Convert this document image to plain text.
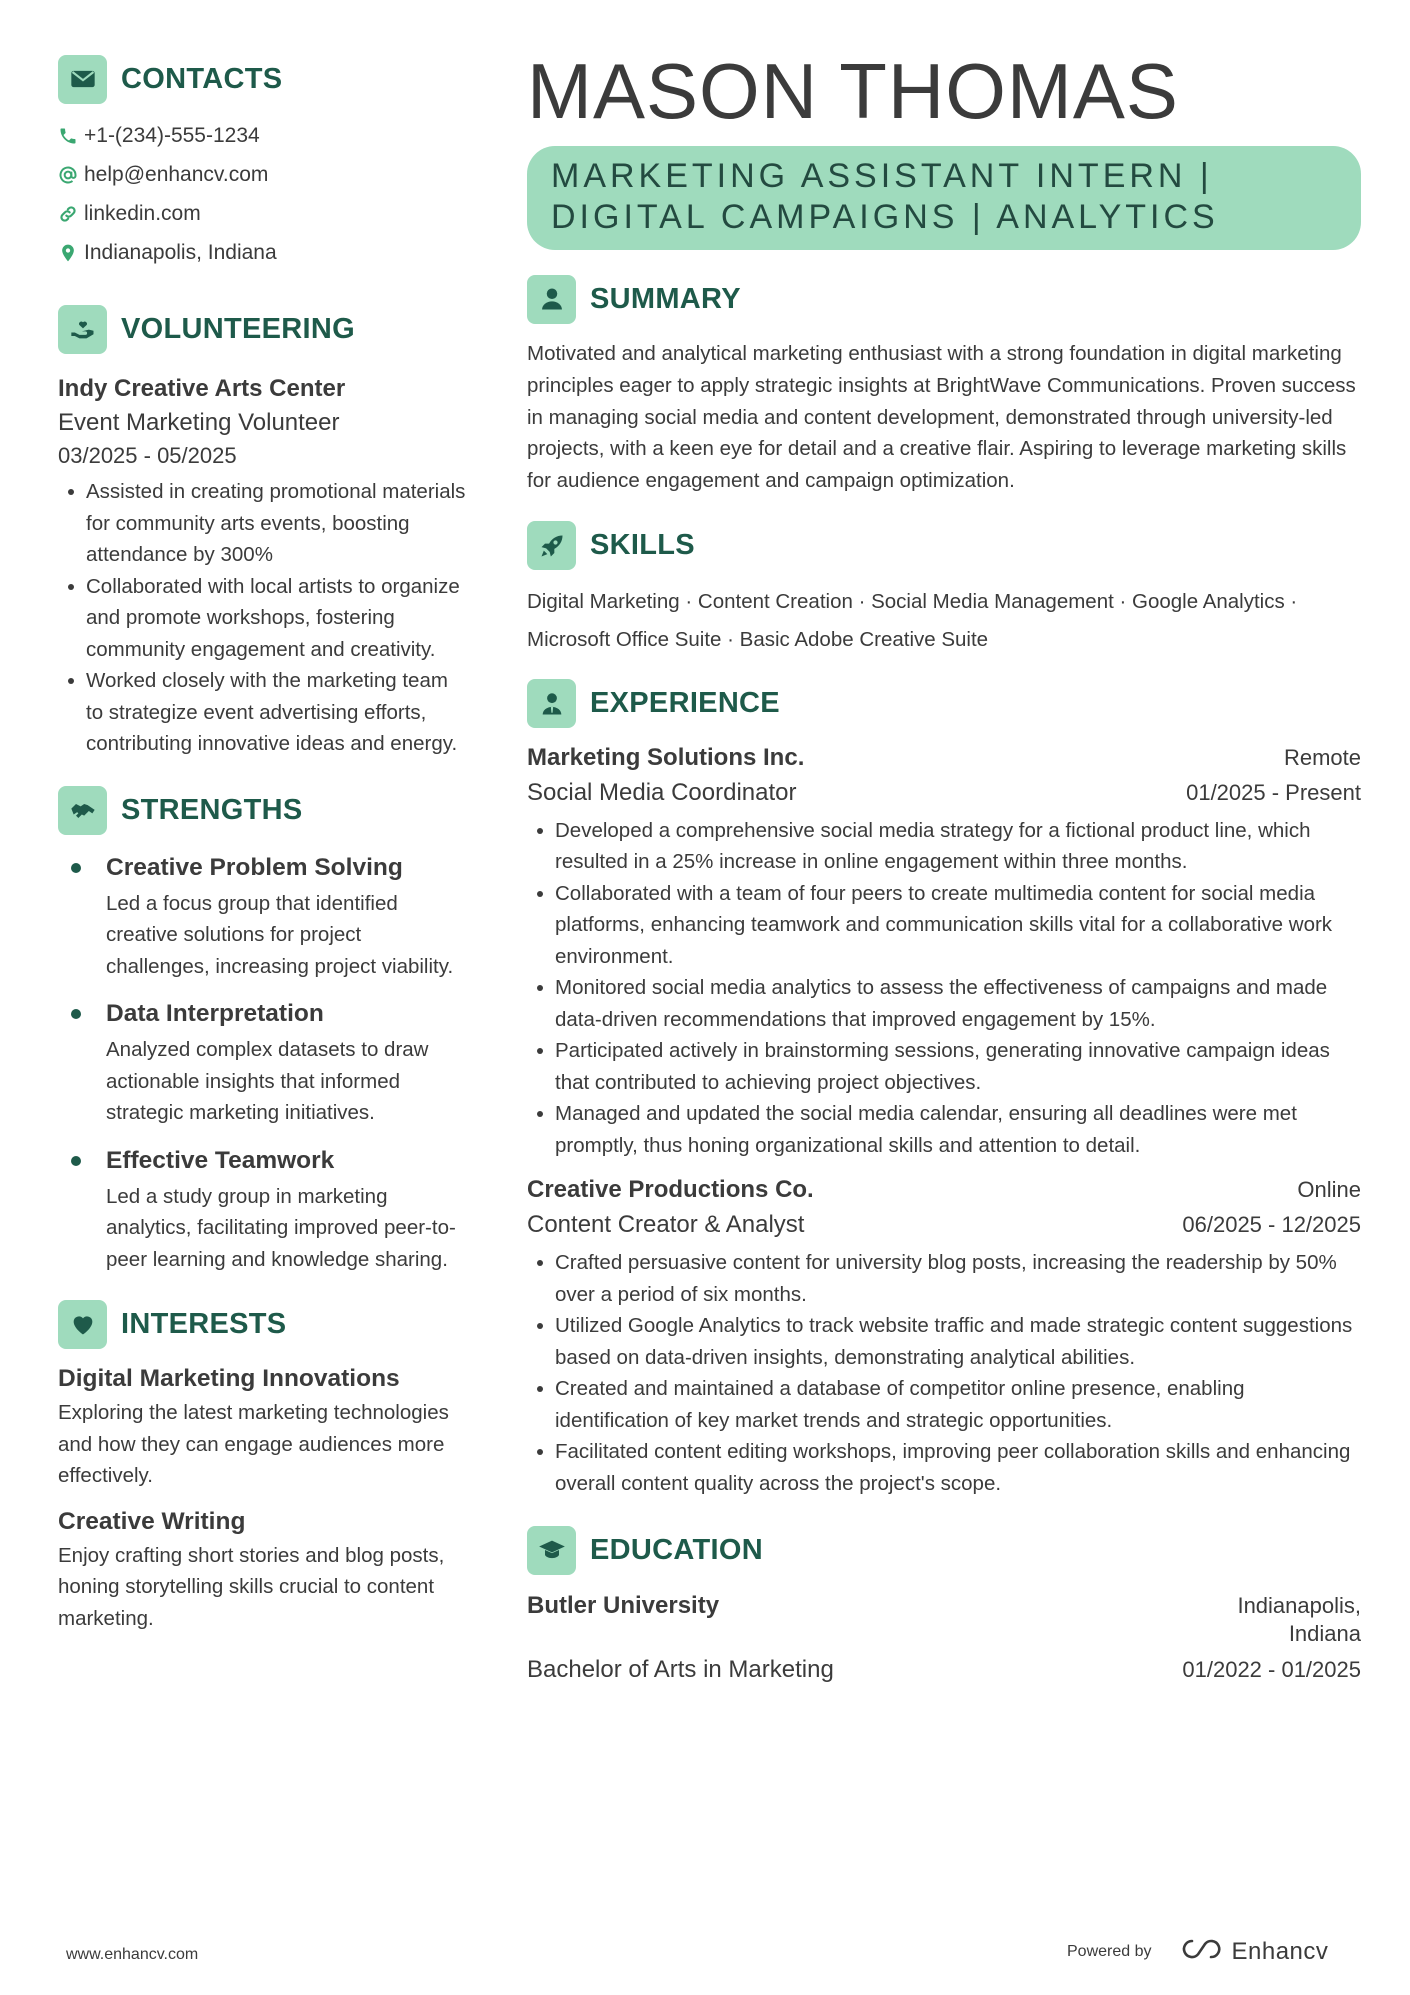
CONTACTS
+1-(234)-555-1234
help@enhancv.com
linkedin.com
Indianapolis, Indiana
VOLUNTEERING
Indy Creative Arts Center
Event Marketing Volunteer
03/2025 - 05/2025
Assisted in creating promotional materials for community arts events, boosting attendance by 300%
Collaborated with local artists to organize and promote workshops, fostering community engagement and creativity.
Worked closely with the marketing team to strategize event advertising efforts, contributing innovative ideas and energy.
STRENGTHS
Creative Problem Solving
Led a focus group that identified creative solutions for project challenges, increasing project viability.
Data Interpretation
Analyzed complex datasets to draw actionable insights that informed strategic marketing initiatives.
Effective Teamwork
Led a study group in marketing analytics, facilitating improved peer-to-peer learning and knowledge sharing.
INTERESTS
Digital Marketing Innovations
Exploring the latest marketing technologies and how they can engage audiences more effectively.
Creative Writing
Enjoy crafting short stories and blog posts, honing storytelling skills crucial to content marketing.
MASON THOMAS
MARKETING ASSISTANT INTERN |
DIGITAL CAMPAIGNS | ANALYTICS
SUMMARY
Motivated and analytical marketing enthusiast with a strong foundation in digital marketing principles eager to apply strategic insights at BrightWave Communications. Proven success in managing social media and content development, demonstrated through university-led projects, with a keen eye for detail and a creative flair. Aspiring to leverage marketing skills for audience engagement and campaign optimization.
SKILLS
Digital Marketing · Content Creation · Social Media Management · Google Analytics ·
Microsoft Office Suite · Basic Adobe Creative Suite
EXPERIENCE
Marketing Solutions Inc.	Remote
Social Media Coordinator	01/2025 - Present
Developed a comprehensive social media strategy for a fictional product line, which resulted in a 25% increase in online engagement within three months.
Collaborated with a team of four peers to create multimedia content for social media platforms, enhancing teamwork and communication skills vital for a collaborative work environment.
Monitored social media analytics to assess the effectiveness of campaigns and made data-driven recommendations that improved engagement by 15%.
Participated actively in brainstorming sessions, generating innovative campaign ideas that contributed to achieving project objectives.
Managed and updated the social media calendar, ensuring all deadlines were met promptly, thus honing organizational skills and attention to detail.
Creative Productions Co.	Online
Content Creator & Analyst	06/2025 - 12/2025
Crafted persuasive content for university blog posts, increasing the readership by 50% over a period of six months.
Utilized Google Analytics to track website traffic and made strategic content suggestions based on data-driven insights, demonstrating analytical abilities.
Created and maintained a database of competitor online presence, enabling identification of key market trends and strategic opportunities.
Facilitated content editing workshops, improving peer collaboration skills and enhancing overall content quality across the project's scope.
EDUCATION
Butler University	Indianapolis, Indiana
Bachelor of Arts in Marketing	01/2022 - 01/2025
www.enhancv.com	Powered by	Enhancv
